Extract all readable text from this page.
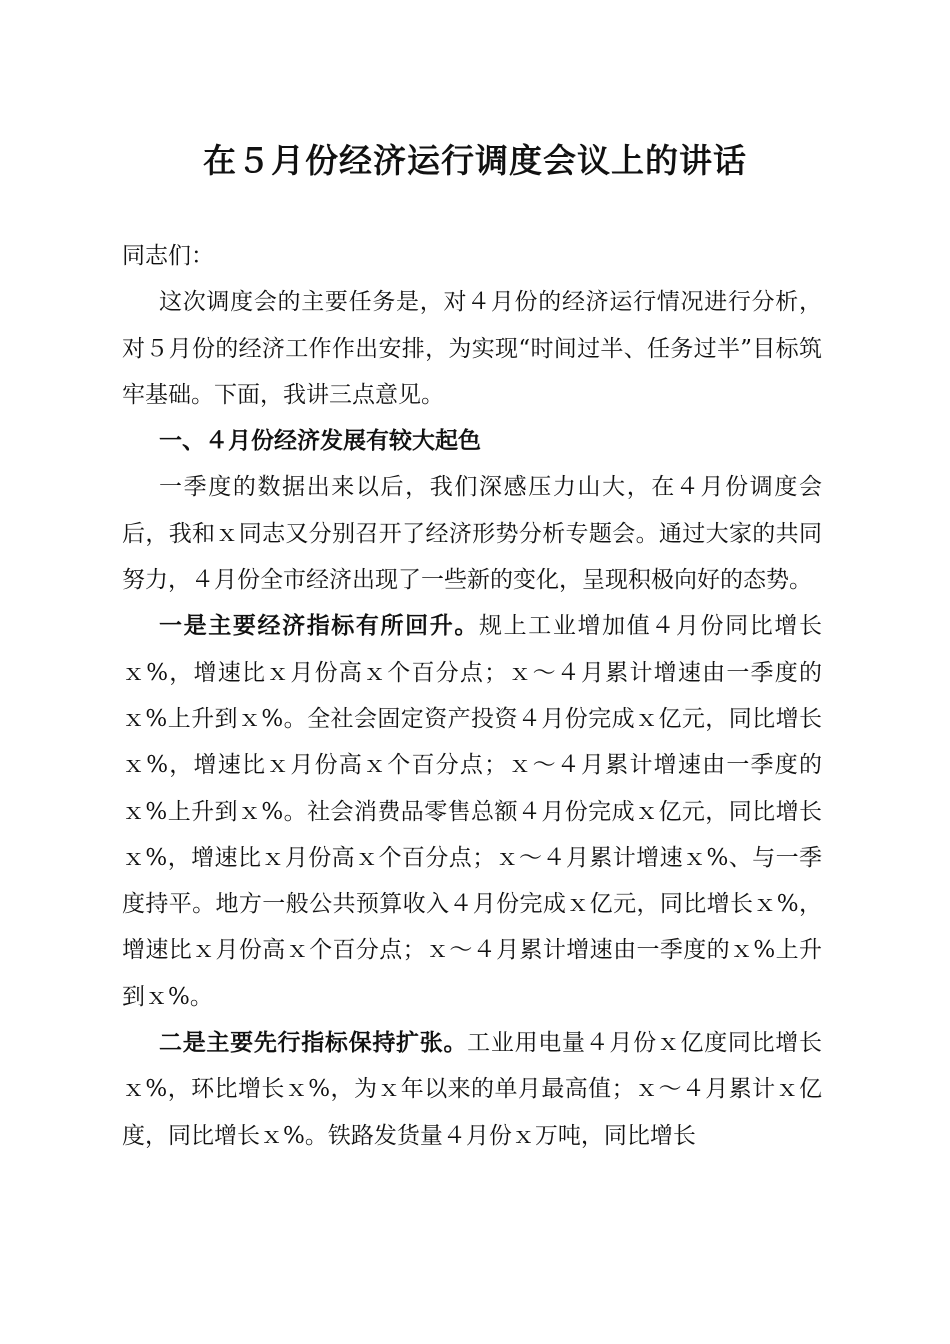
在５月份经济运行调度会议上的讲话

同志们：

这次调度会的主要任务是，对４月份的经济运行情况进行分析，对５月份的经济工作作出安排，为实现“时间过半、任务过半”目标筑牢基础。下面，我讲三点意见。

一、４月份经济发展有较大起色

一季度的数据出来以后，我们深感压力山大，在４月份调度会后，我和ｘ同志又分别召开了经济形势分析专题会。通过大家的共同努力，４月份全市经济出现了一些新的变化，呈现积极向好的态势。

一是主要经济指标有所回升。规上工业增加值４月份同比增长ｘ%，增速比ｘ月份高ｘ个百分点；ｘ～４月累计增速由一季度的ｘ%上升到ｘ%。全社会固定资产投资４月份完成ｘ亿元，同比增长ｘ%，增速比ｘ月份高ｘ个百分点；ｘ～４月累计增速由一季度的ｘ%上升到ｘ%。社会消费品零售总额４月份完成ｘ亿元，同比增长ｘ%，增速比ｘ月份高ｘ个百分点；ｘ～４月累计增速ｘ%、与一季度持平。地方一般公共预算收入４月份完成ｘ亿元，同比增长ｘ%，增速比ｘ月份高ｘ个百分点；ｘ～４月累计增速由一季度的ｘ%上升到ｘ%。

二是主要先行指标保持扩张。工业用电量４月份ｘ亿度同比增长ｘ%，环比增长ｘ%，为ｘ年以来的单月最高值；ｘ～４月累计ｘ亿度，同比增长ｘ%。铁路发货量４月份ｘ万吨，同比增长
